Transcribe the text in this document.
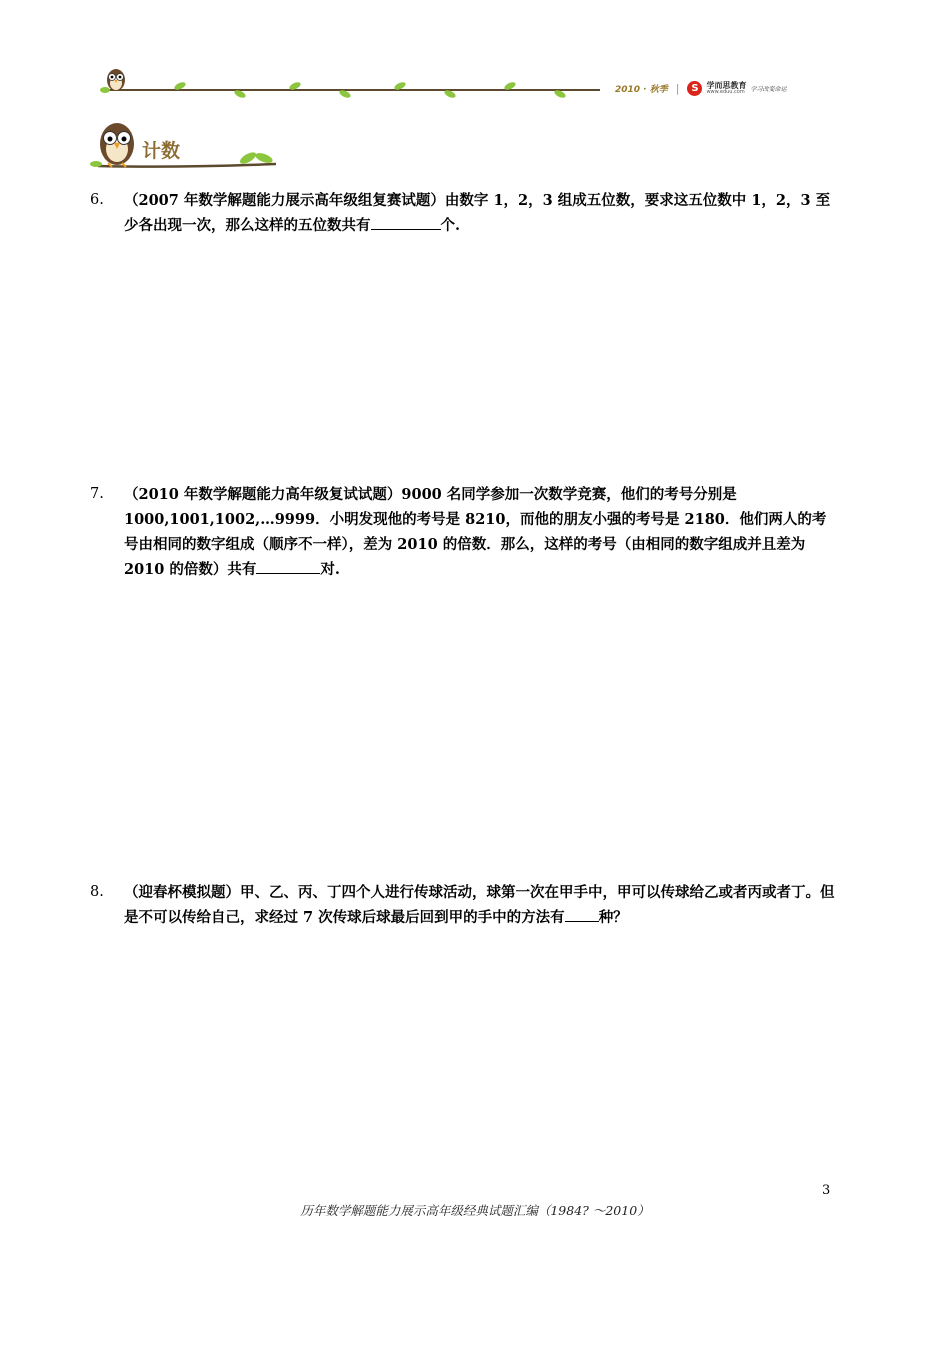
2010 · 秋季 |	S 学而思教育
www.eduu.com 学习改变命运
计数
6. （2007 年数学解题能力展示高年级组复赛试题）由数字 1，2，3 组成五位数，要求这五位数中 1，2，3 至少各出现一次，那么这样的五位数共有	个.
7. （2010 年数学解题能力高年级复试试题）9000 名同学参加一次数学竞赛，他们的考号分别是1000,1001,1002,…9999．小明发现他的考号是 8210，而他的朋友小强的考号是 2180．他们两人的考号由相同的数字组成（顺序不一样），差为 2010 的倍数．那么，这样的考号（由相同的数字组成并且差为 2010 的倍数）共有	对.
8. （迎春杯模拟题）甲、乙、丙、丁四个人进行传球活动，球第一次在甲手中，甲可以传球给乙或者丙或者丁。但是不可以传给自己，求经过 7 次传球后球最后回到甲的手中的方法有 种？
3
历年数学解题能力展示高年级经典试题汇编（1984? ～2010）
